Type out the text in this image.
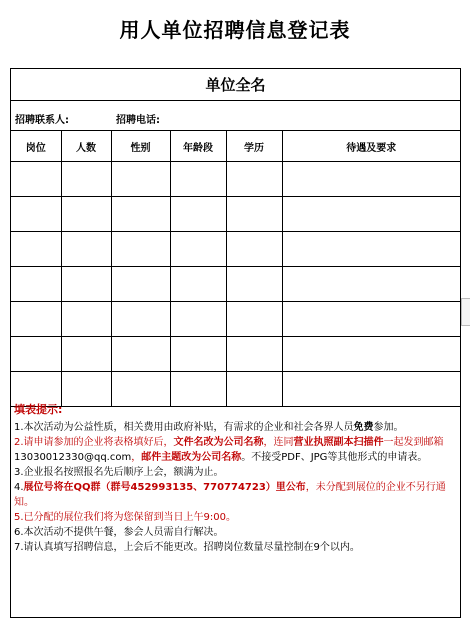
用人单位招聘信息登记表
单位全名
招聘联系人:	招聘电话:
岗位	人数	性别	年龄段	学历	待遇及要求

填表提示:
1.本次活动为公益性质，相关费用由政府补贴，有需求的企业和社会各界人员免费参加。
2.请申请参加的企业将表格填好后，文件名改为公司名称，连同营业执照副本扫描件一起发到邮箱13030012330@qq.com，邮件主题改为公司名称。不接受PDF、JPG等其他形式的申请表。
3.企业报名按照报名先后顺序上会，额满为止。
4.展位号将在QQ群（群号452993135、770774723）里公布，未分配到展位的企业不另行通知。
5.已分配的展位我们将为您保留到当日上午9:00。
6.本次活动不提供午餐，参会人员需自行解决。
7.请认真填写招聘信息，上会后不能更改。招聘岗位数量尽量控制在9个以内。
